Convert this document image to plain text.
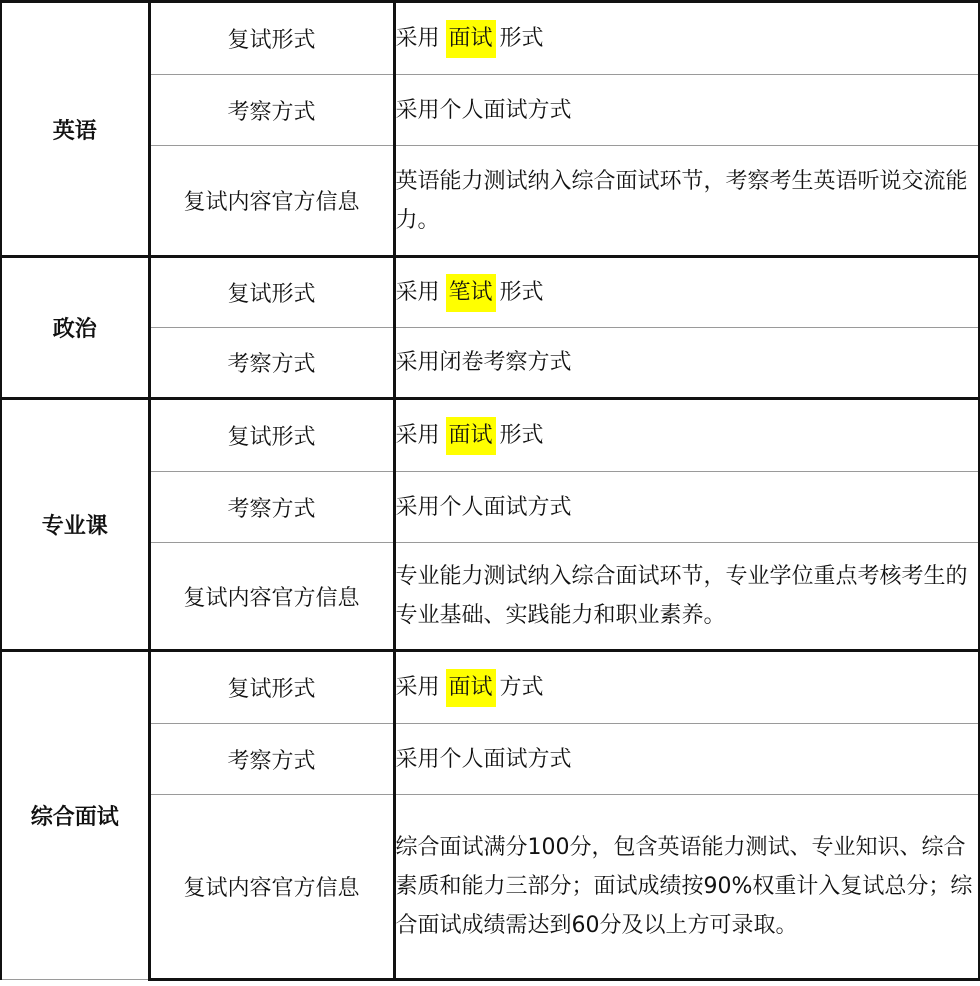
英语	复试形式	采用 面试 形式
	考察方式	采用个人面试方式
	复试内容官方信息	英语能力测试纳入综合面试环节，考察考生英语听说交流能力。
政治	复试形式	采用 笔试 形式
	考察方式	采用闭卷考察方式
专业课	复试形式	采用 面试 形式
	考察方式	采用个人面试方式
	复试内容官方信息	专业能力测试纳入综合面试环节，专业学位重点考核考生的专业基础、实践能力和职业素养。
综合面试	复试形式	采用 面试 方式
	考察方式	采用个人面试方式
	复试内容官方信息	综合面试满分100分，包含英语能力测试、专业知识、综合素质和能力三部分；面试成绩按90%权重计入复试总分；综合面试成绩需达到60分及以上方可录取。
